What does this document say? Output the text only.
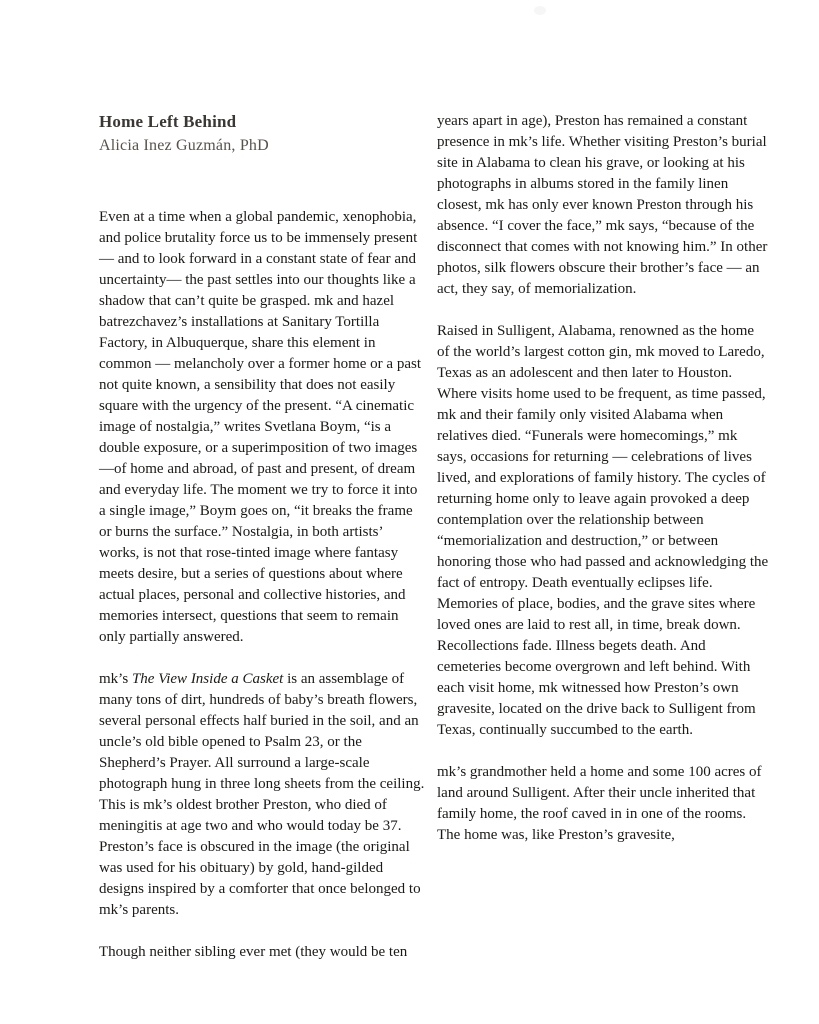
Home Left Behind

Alicia Inez Guzmán, PhD

Even at a time when a global pandemic, xenophobia, and police brutality force us to be immensely present — and to look forward in a constant state of fear and uncertainty— the past settles into our thoughts like a shadow that can’t quite be grasped. mk and hazel batrezchavez’s installations at Sanitary Tortilla Factory, in Albuquerque, share this element in common — melancholy over a former home or a past not quite known, a sensibility that does not easily square with the urgency of the present. “A cinematic image of nostalgia,” writes Svetlana Boym, “is a double exposure, or a superimposition of two images—of home and abroad, of past and present, of dream and everyday life. The moment we try to force it into a single image,” Boym goes on, “it breaks the frame or burns the surface.” Nostalgia, in both artists’ works, is not that rose-tinted image where fantasy meets desire, but a series of questions about where actual places, personal and collective histories, and memories intersect, questions that seem to remain only partially answered.

mk’s The View Inside a Casket is an assemblage of many tons of dirt, hundreds of baby’s breath flowers, several personal effects half buried in the soil, and an uncle’s old bible opened to Psalm 23, or the Shepherd’s Prayer. All surround a large-scale photograph hung in three long sheets from the ceiling. This is mk’s oldest brother Preston, who died of meningitis at age two and who would today be 37. Preston’s face is obscured in the image (the original was used for his obituary) by gold, hand-gilded designs inspired by a comforter that once belonged to mk’s parents.

Though neither sibling ever met (they would be ten

years apart in age), Preston has remained a constant presence in mk’s life. Whether visiting Preston’s burial site in Alabama to clean his grave, or looking at his photographs in albums stored in the family linen closest, mk has only ever known Preston through his absence. “I cover the face,” mk says, “because of the disconnect that comes with not knowing him.” In other photos, silk flowers obscure their brother’s face — an act, they say, of memorialization.

Raised in Sulligent, Alabama, renowned as the home of the world’s largest cotton gin, mk moved to Laredo, Texas as an adolescent and then later to Houston. Where visits home used to be frequent, as time passed, mk and their family only visited Alabama when relatives died. “Funerals were homecomings,” mk says, occasions for returning — celebrations of lives lived, and explorations of family history. The cycles of returning home only to leave again provoked a deep contemplation over the relationship between “memorialization and destruction,” or between honoring those who had passed and acknowledging the fact of entropy. Death eventually eclipses life. Memories of place, bodies, and the grave sites where loved ones are laid to rest all, in time, break down. Recollections fade. Illness begets death. And cemeteries become overgrown and left behind. With each visit home, mk witnessed how Preston’s own gravesite, located on the drive back to Sulligent from Texas, continually succumbed to the earth.

mk’s grandmother held a home and some 100 acres of land around Sulligent. After their uncle inherited that family home, the roof caved in in one of the rooms. The home was, like Preston’s gravesite,
